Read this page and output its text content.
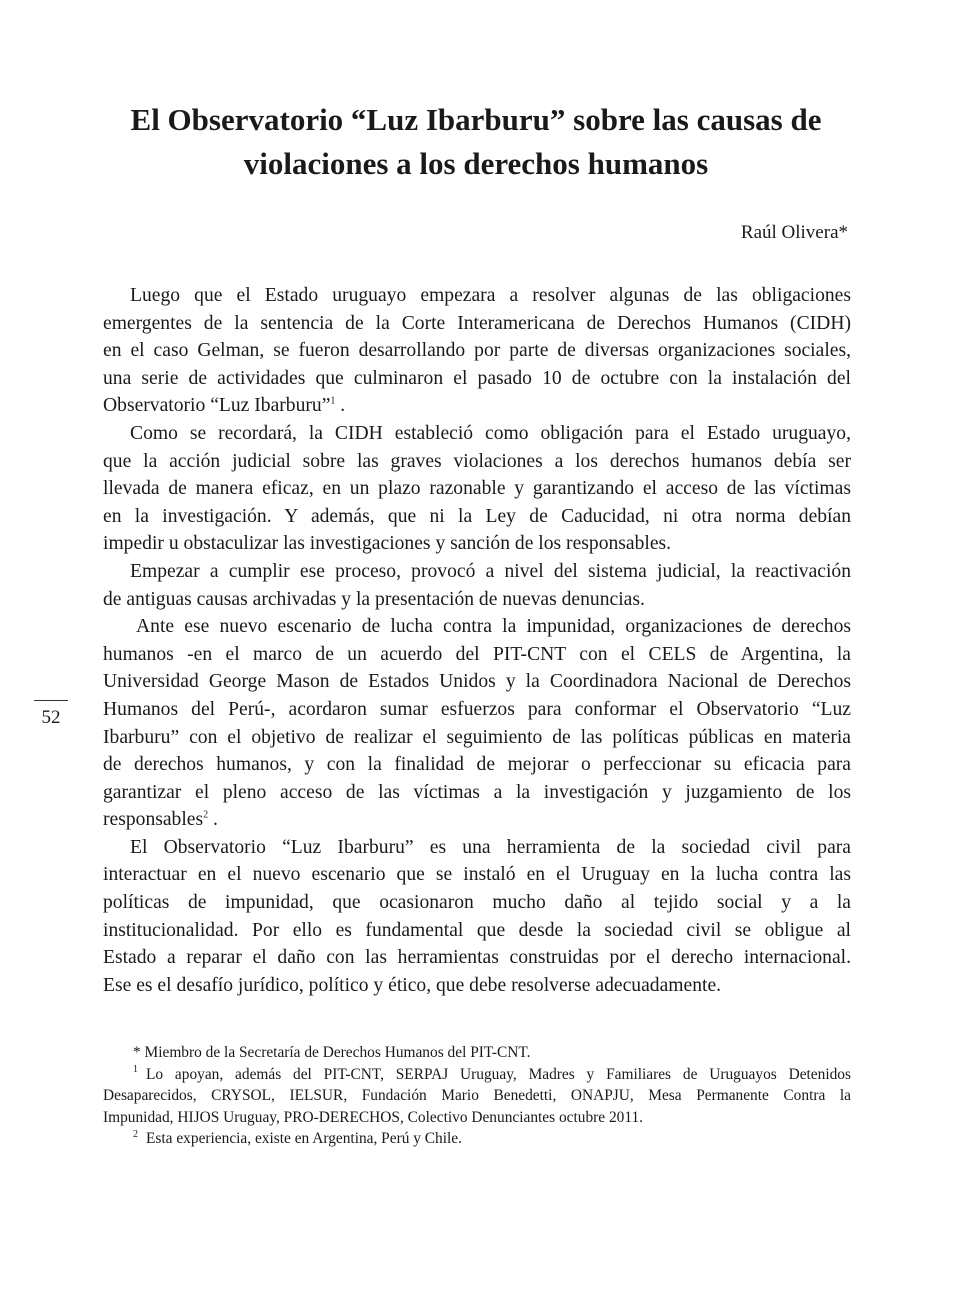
El Observatorio “Luz Ibarburu” sobre las causas de
violaciones a los derechos humanos
Raúl Olivera*
Luego que el Estado uruguayo empezara a resolver algunas de las obligaciones
emergentes de la sentencia de la Corte Interamericana de Derechos Humanos (CIDH)
en el caso Gelman, se fueron desarrollando por parte de diversas organizaciones sociales,
una serie de actividades que culminaron el pasado 10 de octubre con la instalación del
Observatorio “Luz Ibarburu”$^1$ .
Como se recordará, la CIDH estableció como obligación para el Estado uruguayo,
que la acción judicial sobre las graves violaciones a los derechos humanos debía ser
llevada de manera eficaz, en un plazo razonable y garantizando el acceso de las víctimas
en la investigación. Y además, que ni la Ley de Caducidad, ni otra norma debían
impedir u obstaculizar las investigaciones y sanción de los responsables.
Empezar a cumplir ese proceso, provocó a nivel del sistema judicial, la reactivación
de antiguas causas archivadas y la presentación de nuevas denuncias.
Ante ese nuevo escenario de lucha contra la impunidad, organizaciones de derechos
humanos -en el marco de un acuerdo del PIT-CNT con el CELS de Argentina, la
Universidad George Mason de Estados Unidos y la Coordinadora Nacional de Derechos
Humanos del Perú-, acordaron sumar esfuerzos para conformar el Observatorio “Luz
Ibarburu” con el objetivo de realizar el seguimiento de las políticas públicas en materia
de derechos humanos, y con la finalidad de mejorar o perfeccionar su eficacia para
garantizar el pleno acceso de las víctimas a la investigación y juzgamiento de los
responsables$^2$ .
El Observatorio “Luz Ibarburu” es una herramienta de la sociedad civil para
interactuar en el nuevo escenario que se instaló en el Uruguay en la lucha contra las
políticas de impunidad, que ocasionaron mucho daño al tejido social y a la
institucionalidad. Por ello es fundamental que desde la sociedad civil se obligue al
Estado a reparar el daño con las herramientas construidas por el derecho internacional.
Ese es el desafío jurídico, político y ético, que debe resolverse adecuadamente.
52
* Miembro de la Secretaría de Derechos Humanos del PIT-CNT.
$^1$ Lo apoyan, además del PIT-CNT, SERPAJ Uruguay, Madres y Familiares de Uruguayos Detenidos
Desaparecidos, CRYSOL, IELSUR, Fundación Mario Benedetti, ONAPJU, Mesa Permanente Contra la
Impunidad, HIJOS Uruguay, PRO-DERECHOS, Colectivo Denunciantes octubre 2011.
$^2$ Esta experiencia, existe en Argentina, Perú y Chile.
